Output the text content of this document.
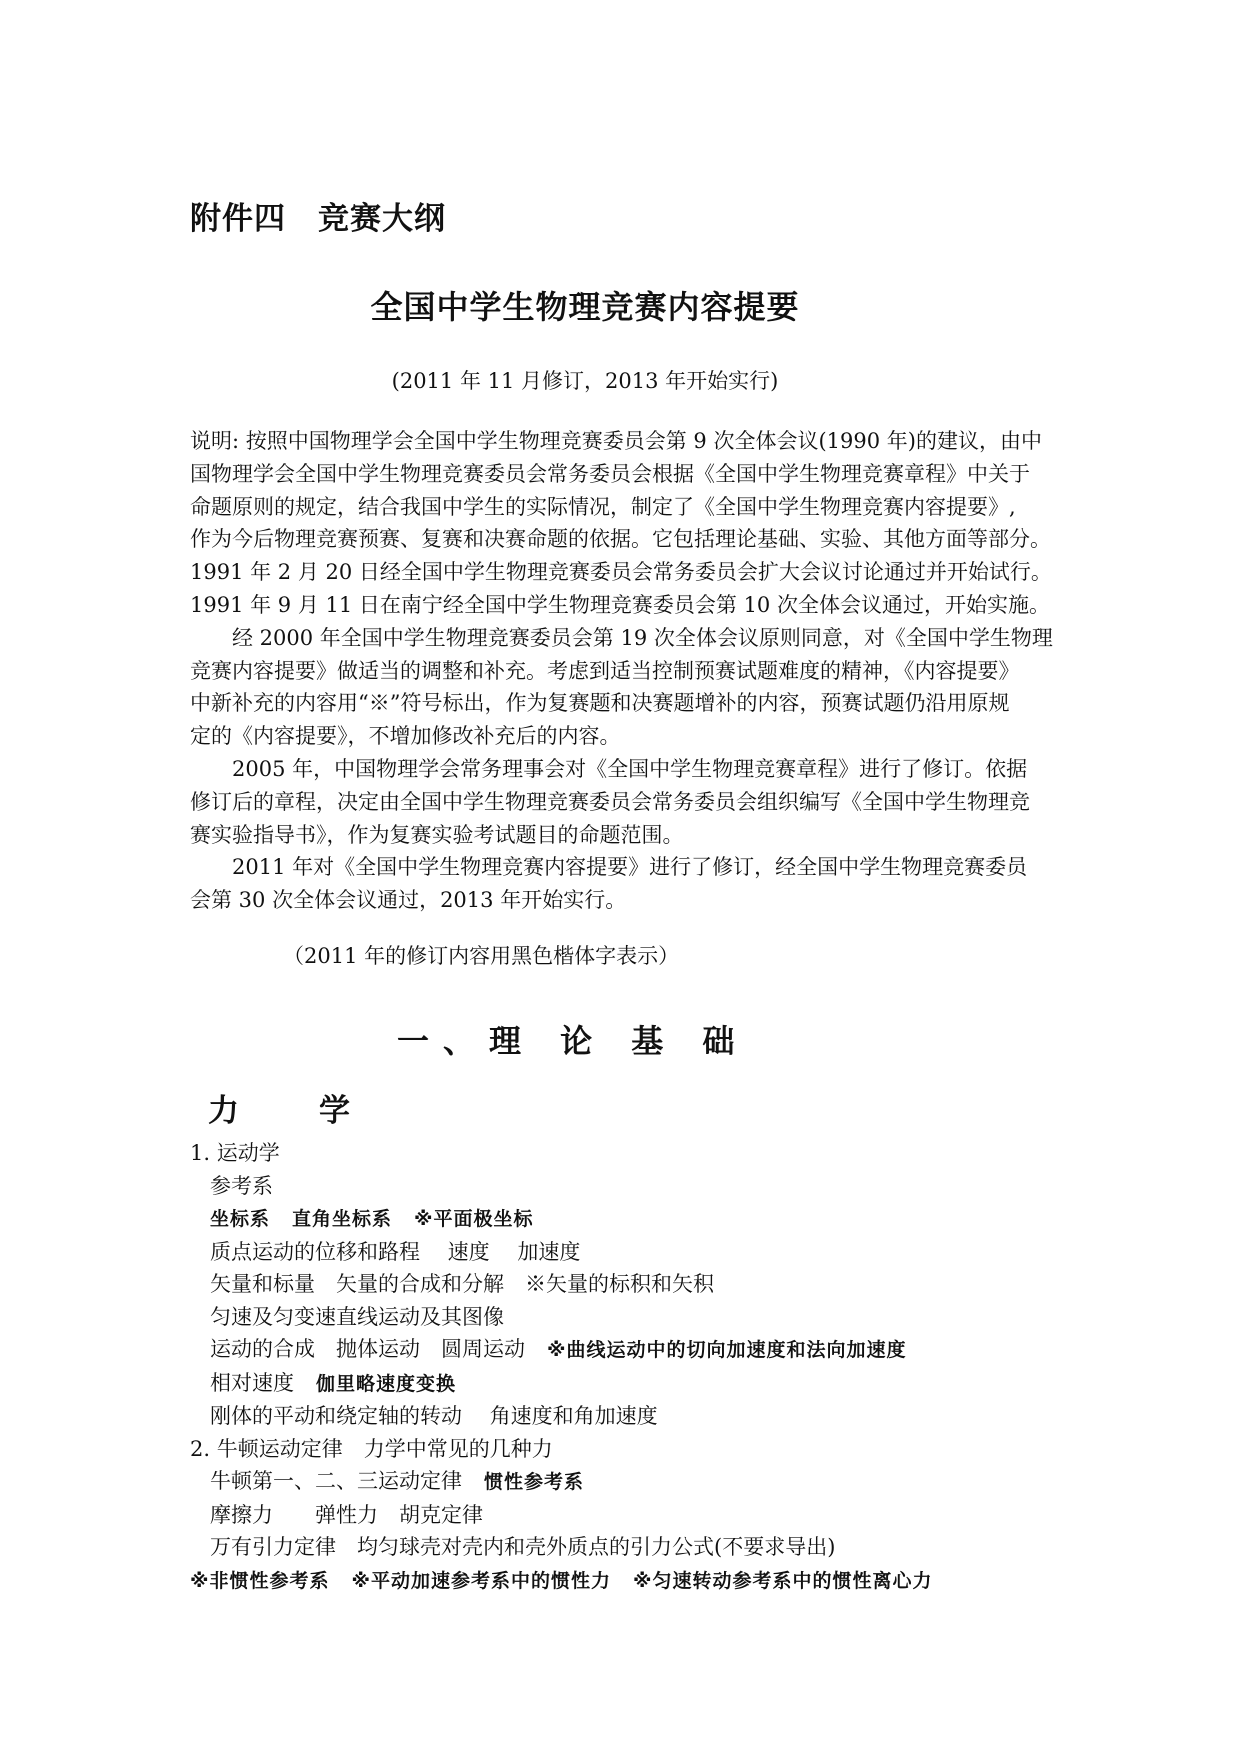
附件四　竞赛大纲
全国中学生物理竞赛内容提要
(2011 年 11 月修订，2013 年开始实行)

说明: 按照中国物理学会全国中学生物理竞赛委员会第 9 次全体会议(1990 年)的建议，由中

国物理学会全国中学生物理竞赛委员会常务委员会根据《全国中学生物理竞赛章程》中关于

命题原则的规定，结合我国中学生的实际情况，制定了《全国中学生物理竞赛内容提要》,

作为今后物理竞赛预赛、复赛和决赛命题的依据。它包括理论基础、实验、其他方面等部分。

1991 年 2 月 20 日经全国中学生物理竞赛委员会常务委员会扩大会议讨论通过并开始试行。

1991 年 9 月 11 日在南宁经全国中学生物理竞赛委员会第 10 次全体会议通过，开始实施。

经 2000 年全国中学生物理竞赛委员会第 19 次全体会议原则同意，对《全国中学生物理

竞赛内容提要》做适当的调整和补充。考虑到适当控制预赛试题难度的精神，《内容提要》

中新补充的内容用“※”符号标出，作为复赛题和决赛题增补的内容，预赛试题仍沿用原规

定的《内容提要》，不增加修改补充后的内容。

2005 年，中国物理学会常务理事会对《全国中学生物理竞赛章程》进行了修订。依据

修订后的章程，决定由全国中学生物理竞赛委员会常务委员会组织编写《全国中学生物理竞

赛实验指导书》，作为复赛实验考试题目的命题范围。

2011 年对《全国中学生物理竞赛内容提要》进行了修订，经全国中学生物理竞赛委员

会第 30 次全体会议通过，2013 年开始实行。

（2011 年的修订内容用黑色楷体字表示）
一、理 论 基 础
力	学
1. 运动学
参考系
坐标系 直角坐标系 ※平面极坐标
质点运动的位移和路程　 速度　 加速度
矢量和标量　矢量的合成和分解　※矢量的标积和矢积
匀速及匀变速直线运动及其图像
运动的合成　抛体运动　圆周运动 ※曲线运动中的切向加速度和法向加速度
相对速度 伽里略速度变换
刚体的平动和绕定轴的转动　 角速度和角加速度
2. 牛顿运动定律　力学中常见的几种力
牛顿第一、二、三运动定律 惯性参考系
摩擦力　　弹性力　胡克定律
万有引力定律　均匀球壳对壳内和壳外质点的引力公式(不要求导出)
※非惯性参考系 ※平动加速参考系中的惯性力 ※匀速转动参考系中的惯性离心力
